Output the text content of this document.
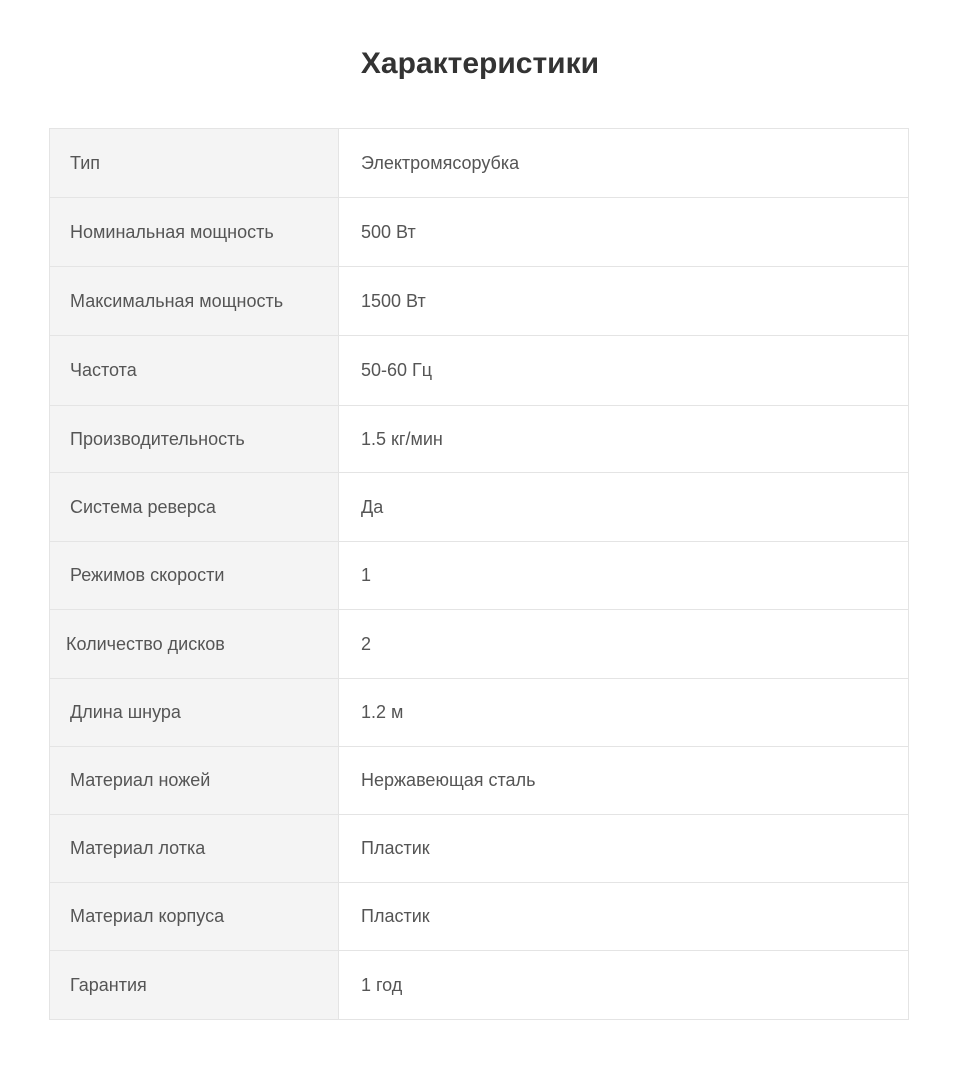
Характеристики
Тип	Электромясорубка
Номинальная мощность	500 Вт
Максимальная мощность	1500 Вт
Частота	50-60 Гц
Производительность	1.5 кг/мин
Система реверса	Да
Режимов скорости	1
Количество дисков	2
Длина шнура	1.2 м
Материал ножей	Нержавеющая сталь
Материал лотка	Пластик
Материал корпуса	Пластик
Гарантия	1 год
